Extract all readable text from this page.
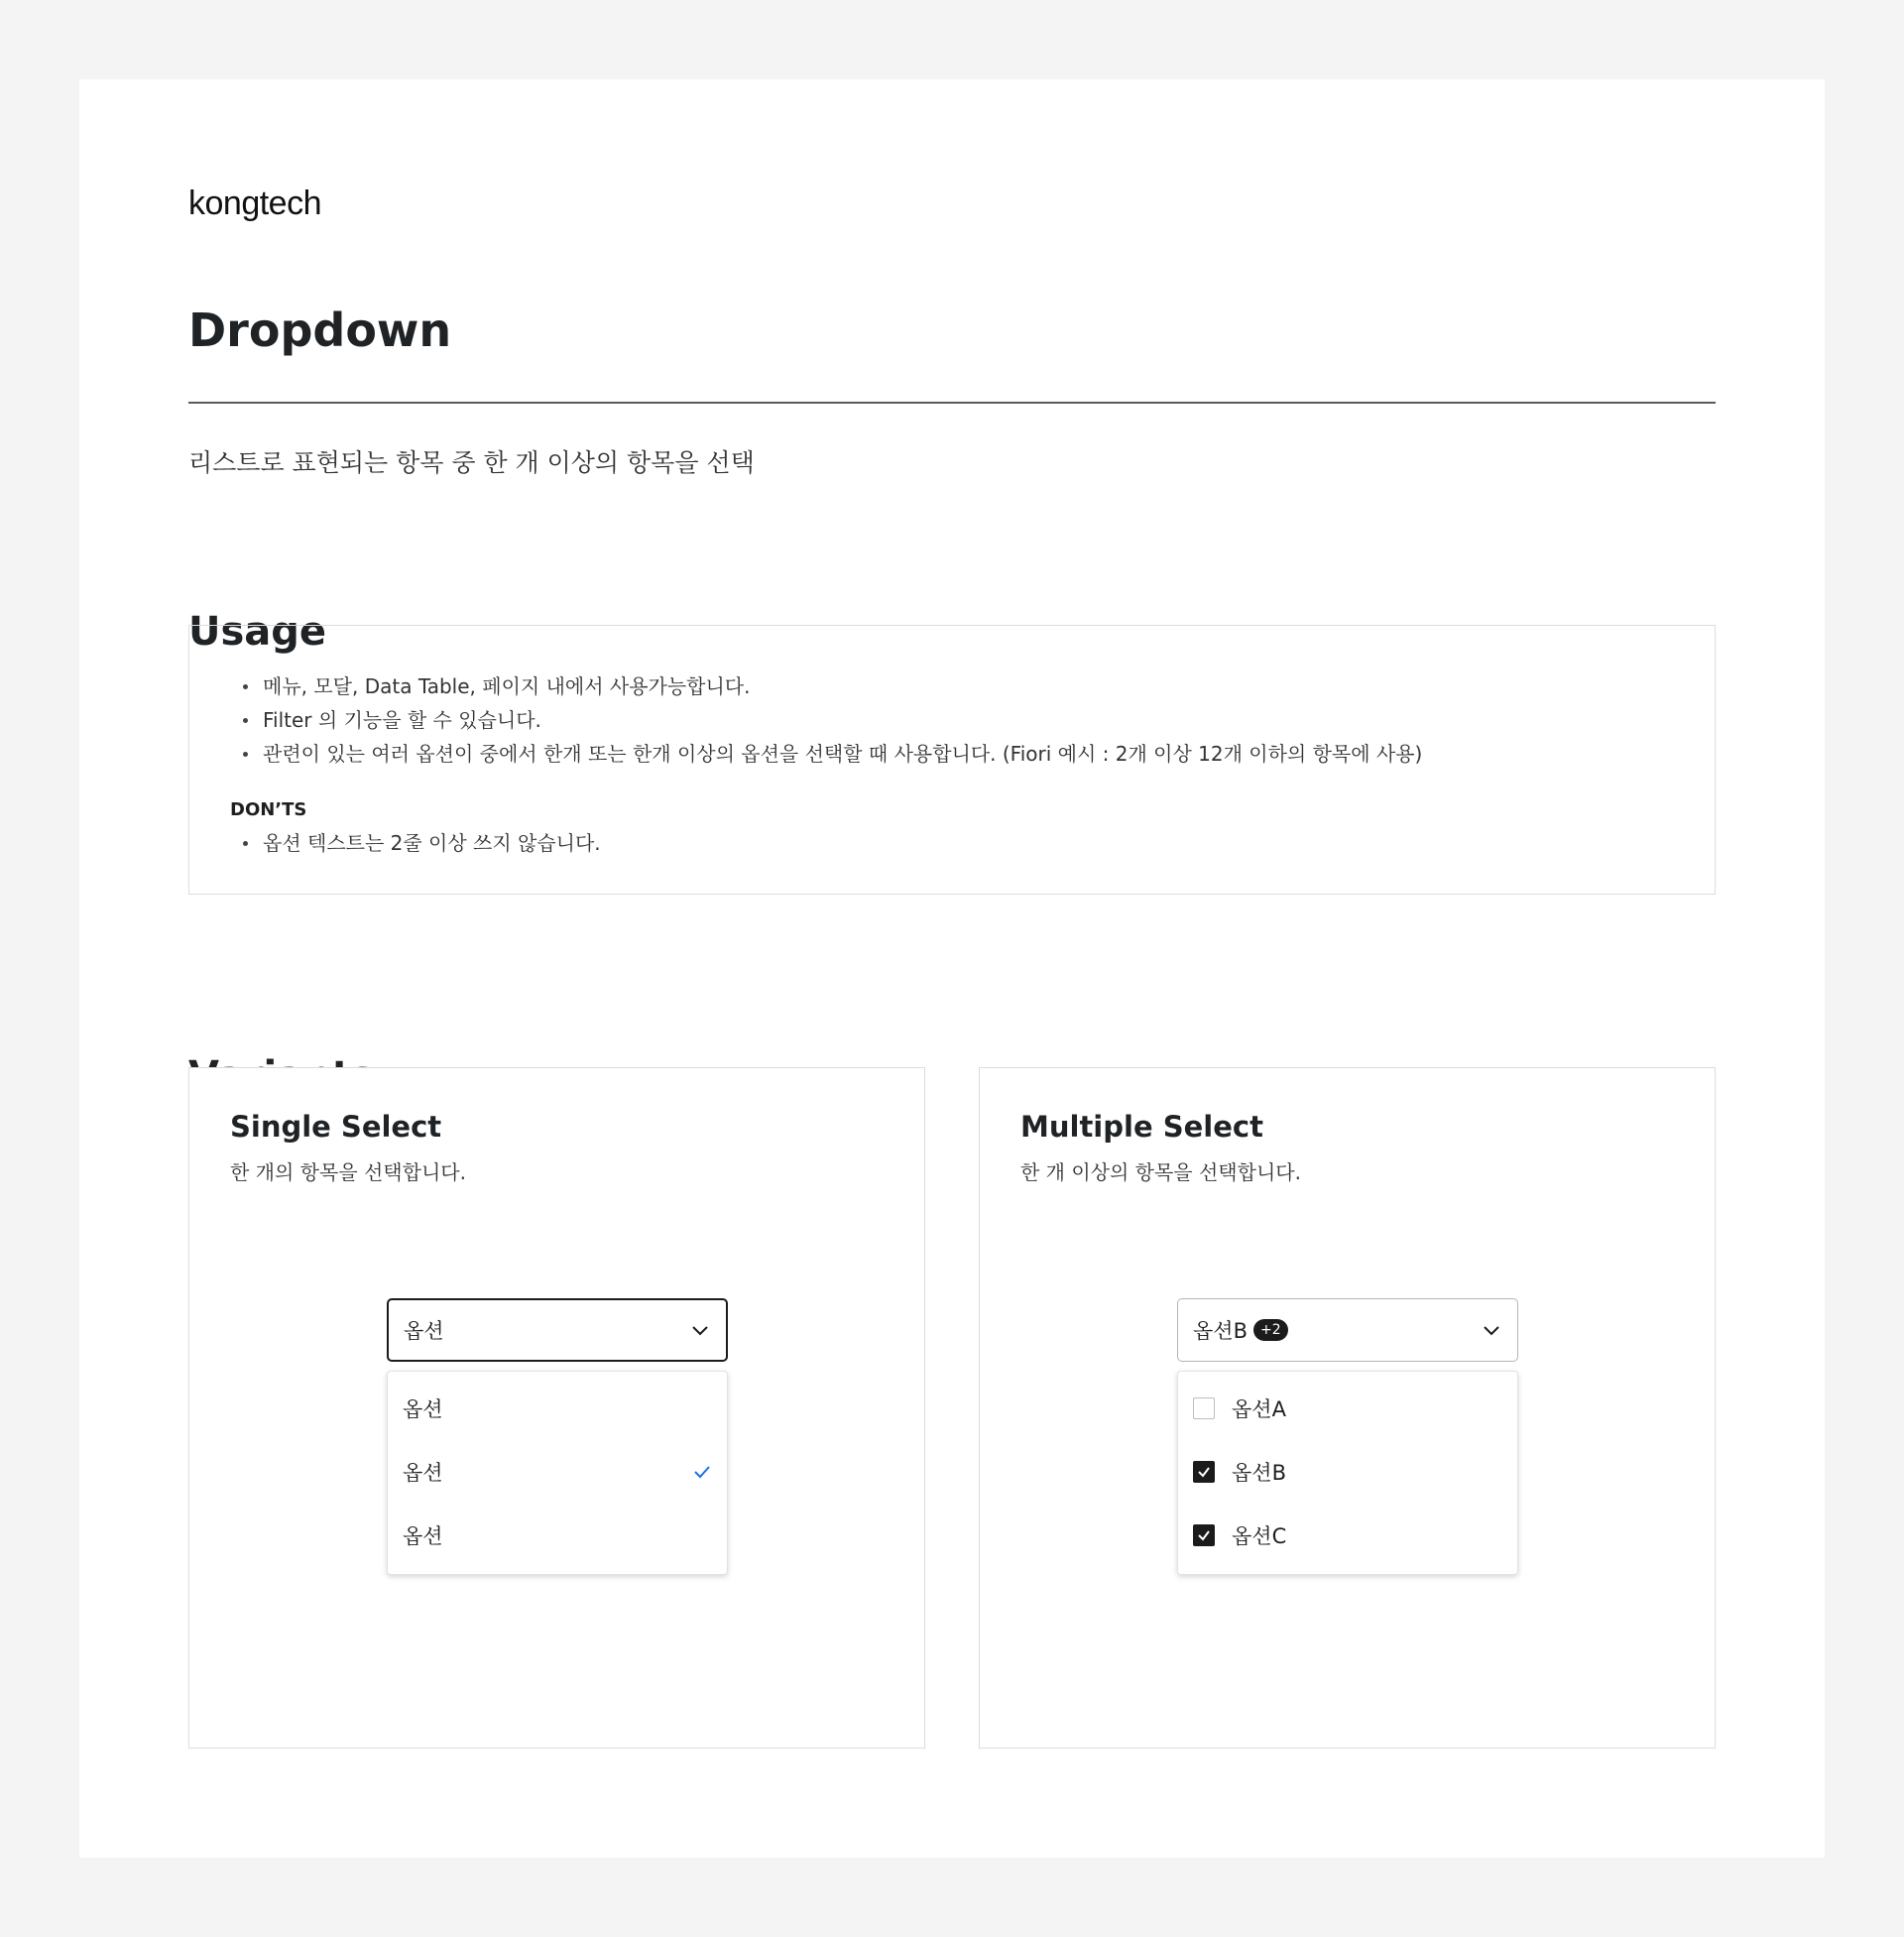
kongtech
Dropdown

리스트로 표현되는 항목 중 한 개 이상의 항목을 선택

Usage
메뉴, 모달, Data Table, 페이지 내에서 사용가능합니다.
Filter 의 기능을 할 수 있습니다.
관련이 있는 여러 옵션이 중에서 한개 또는 한개 이상의 옵션을 선택할 때 사용합니다. (Fiori 예시 : 2개 이상 12개 이하의 항목에 사용)
DON’TS
옵션 텍스트는 2줄 이상 쓰지 않습니다.
Single Select
한 개의 항목을 선택합니다.
옵션
옵션
옵션
옵션
Multiple Select
한 개 이상의 항목을 선택합니다.
옵션B +2
옵션A
옵션B
옵션C
